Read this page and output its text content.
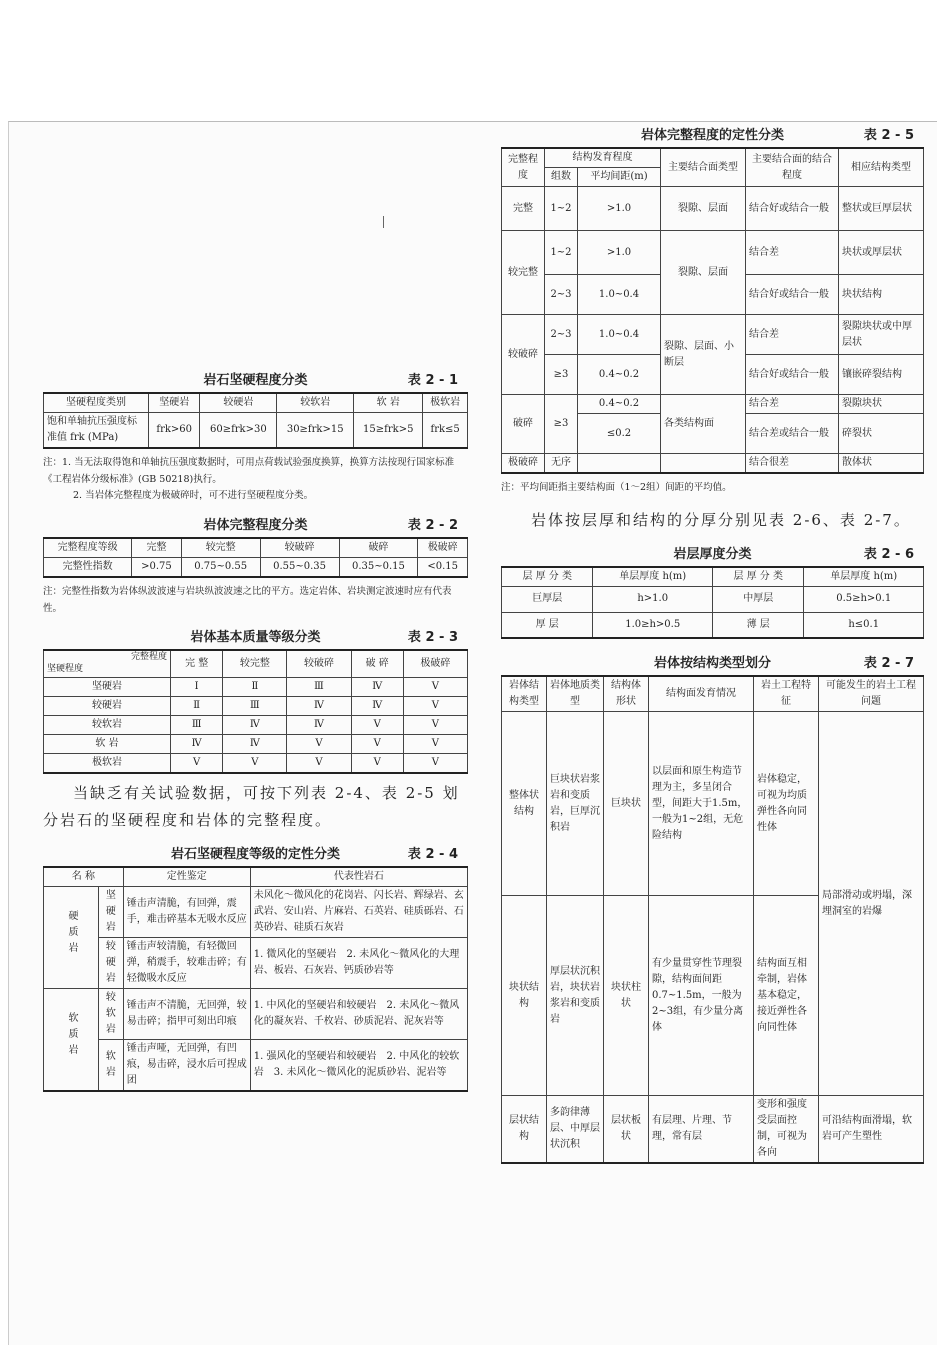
岩石坚硬程度分类	表 2 - 1
坚硬程度类别	坚硬岩	较硬岩	较软岩	软 岩	极软岩
饱和单轴抗压强度标准值 frk (MPa)	frk>60	60≥frk>30	30≥frk>15	15≥frk>5	frk≤5
注：1. 当无法取得饱和单轴抗压强度数据时，可用点荷载试验强度换算，换算方法按现行国家标准《工程岩体分级标准》(GB 50218)执行。
2. 当岩体完整程度为极破碎时，可不进行坚硬程度分类。
岩体完整程度分类	表 2 - 2
完整程度等级	完整	较完整	较破碎	破碎	极破碎
完整性指数	>0.75	0.75~0.55	0.55~0.35	0.35~0.15	<0.15
注：完整性指数为岩体纵波波速与岩块纵波波速之比的平方。选定岩体、岩块测定波速时应有代表性。
岩体基本质量等级分类	表 2 - 3
完整程度
坚硬程度	完 整	较完整	较破碎	破 碎	极破碎
坚硬岩	Ⅰ	Ⅱ	Ⅲ	Ⅳ	Ⅴ
较硬岩	Ⅱ	Ⅲ	Ⅳ	Ⅳ	Ⅴ
较软岩	Ⅲ	Ⅳ	Ⅳ	Ⅴ	Ⅴ
软 岩	Ⅳ	Ⅳ	Ⅴ	Ⅴ	Ⅴ
极软岩	Ⅴ	Ⅴ	Ⅴ	Ⅴ	Ⅴ

当缺乏有关试验数据，可按下列表 2-4、表 2-5 划分岩石的坚硬程度和岩体的完整程度。

岩石坚硬程度等级的定性分类	表 2 - 4
名 称		定性鉴定	代表性岩石
硬质岩	坚硬岩	锤击声清脆，有回弹，震手，难击碎基本无吸水反应	未风化～微风化的花岗岩、闪长岩、辉绿岩、玄武岩、安山岩、片麻岩、石英岩、硅质砾岩、石英砂岩、硅质石灰岩
	较硬岩	锤击声较清脆，有轻微回弹，稍震手，较难击碎；有轻微吸水反应	1. 微风化的坚硬岩　2. 未风化～微风化的大理岩、板岩、石灰岩、钙质砂岩等
软质岩	较软岩	锤击声不清脆，无回弹，较易击碎；指甲可刻出印痕	1. 中风化的坚硬岩和较硬岩　2. 未风化～微风化的凝灰岩、千枚岩、砂质泥岩、泥灰岩等
	软 岩	锤击声哑，无回弹，有凹痕，易击碎，浸水后可捏成团	1. 强风化的坚硬岩和较硬岩　2. 中风化的较软岩　3. 未风化～微风化的泥质砂岩、泥岩等
岩体完整程度的定性分类	表 2 - 5
完整程度	结构发育程度		主要结合面类型	主要结合面的结合程度	相应结构类型
	组数	平均间距(m)			
完整	1~2	>1.0	裂隙、层面	结合好或结合一般	整状或巨厚层状
较完整	1~2	>1.0	裂隙、层面	结合差	块状或厚层状
	2~3	1.0~0.4		结合好或结合一般	块状结构
较破碎	2~3	1.0~0.4	裂隙、层面、小断层	结合差	裂隙块状或中厚层状
	≥3	0.4~0.2		结合好或结合一般	镶嵌碎裂结构
破碎	≥3	0.4~0.2	各类结构面	结合差	裂隙块状
		≤0.2		结合差或结合一般	碎裂状
极破碎	无序			结合很差	散体状
注：平均间距指主要结构面（1～2组）间距的平均值。

岩体按层厚和结构的分厚分别见表 2-6、表 2-7。

岩层厚度分类	表 2 - 6
层 厚 分 类	单层厚度 h(m)	层 厚 分 类	单层厚度 h(m)
巨厚层	h>1.0	中厚层	0.5≥h>0.1
厚 层	1.0≥h>0.5	薄 层	h≤0.1
岩体按结构类型划分	表 2 - 7
岩体结构类型	岩体地质类型	结构体形状	结构面发育情况	岩土工程特征	可能发生的岩土工程问题
整体状结构	巨块状岩浆岩和变质岩，巨厚沉积岩	巨块状	以层面和原生构造节理为主，多呈闭合型，间距大于1.5m，一般为1~2组，无危险结构	岩体稳定，可视为均质弹性各向同性体	局部滑动或坍塌，深埋洞室的岩爆
块状结构	厚层状沉积岩，块状岩浆岩和变质岩	块状柱状	有少量贯穿性节理裂隙，结构面间距0.7~1.5m，一般为2~3组，有少量分离体	结构面互相牵制，岩体基本稳定，接近弹性各向同性体	
层状结构	多韵律薄层、中厚层状沉积	层状板状	有层理、片理、节理，常有层	变形和强度受层面控制，可视为各向	可沿结构面滑塌，软岩可产生塑性
